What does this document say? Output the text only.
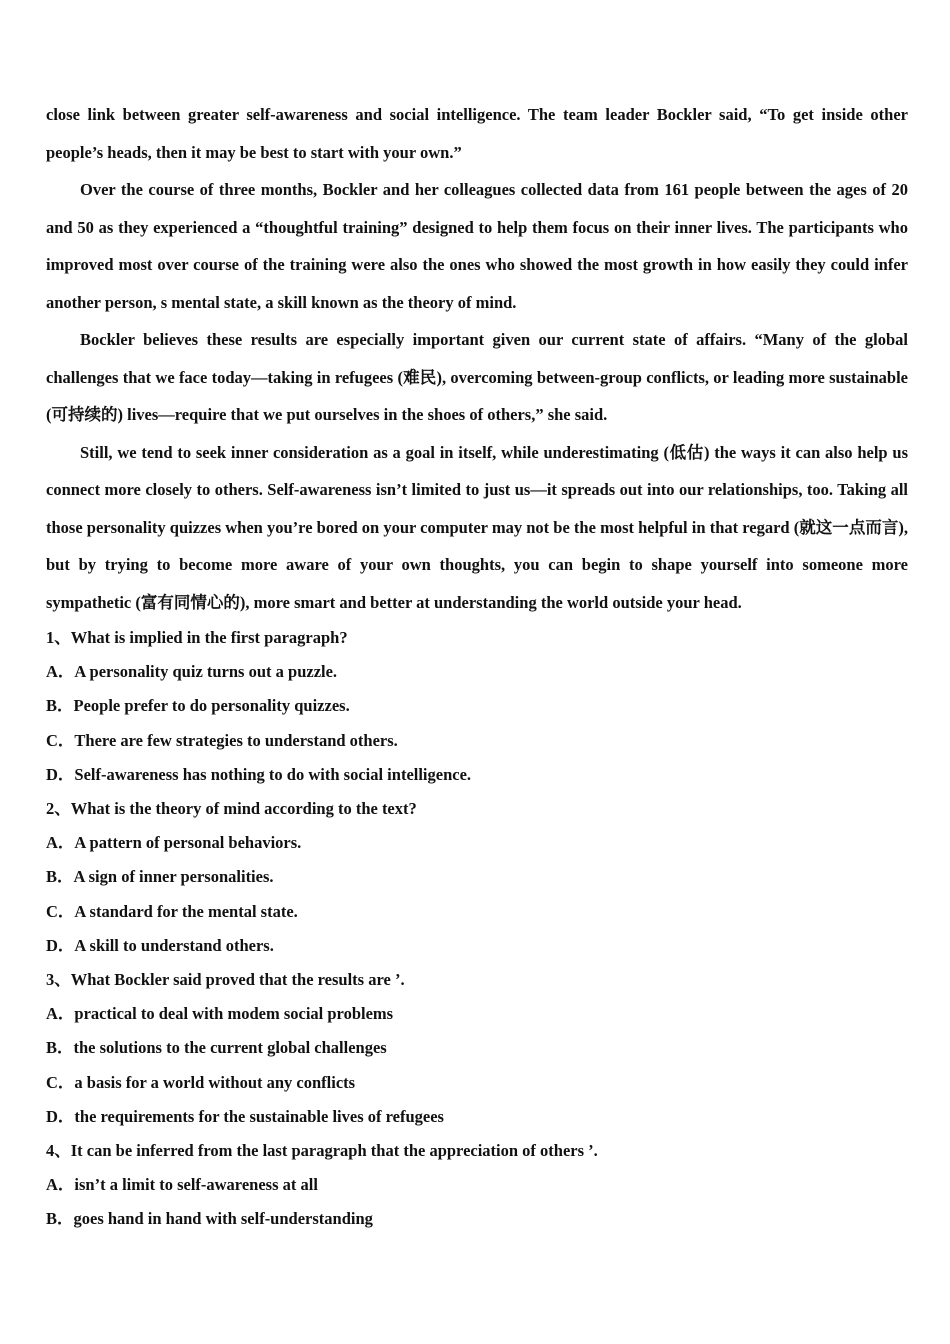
close link between greater self-awareness and social intelligence. The team leader Bockler said, “To get inside other people’s heads, then it may be best to start with your own.”

Over the course of three months, Bockler and her colleagues collected data from 161 people between the ages of 20 and 50 as they experienced a “thoughtful training” designed to help them focus on their inner lives. The participants who improved most over course of the training were also the ones who showed the most growth in how easily they could infer another person, s mental state, a skill known as the theory of mind.

Bockler believes these results are especially important given our current state of affairs. “Many of the global challenges that we face today—taking in refugees (难民), overcoming between-group conflicts, or leading more sustainable (可持续的) lives—require that we put ourselves in the shoes of others,” she said.

Still, we tend to seek inner consideration as a goal in itself, while underestimating (低估) the ways it can also help us connect more closely to others. Self-awareness isn’t limited to just us—it spreads out into our relationships, too. Taking all those personality quizzes when you’re bored on your computer may not be the most helpful in that regard (就这一点而言), but by trying to become more aware of your own thoughts, you can begin to shape yourself into someone more sympathetic (富有同情心的), more smart and better at understanding the world outside your head.

1、What is implied in the first paragraph?

A．A personality quiz turns out a puzzle.

B．People prefer to do personality quizzes.

C．There are few strategies to understand others.

D．Self-awareness has nothing to do with social intelligence.

2、What is the theory of mind according to the text?

A．A pattern of personal behaviors.

B．A sign of inner personalities.

C．A standard for the mental state.

D．A skill to understand others.

3、What Bockler said proved that the results are ’.

A．practical to deal with modem social problems

B．the solutions to the current global challenges

C．a basis for a world without any conflicts

D．the requirements for the sustainable lives of refugees

4、It can be inferred from the last paragraph that the appreciation of others ’.

A．isn’t a limit to self-awareness at all

B．goes hand in hand with self-understanding
